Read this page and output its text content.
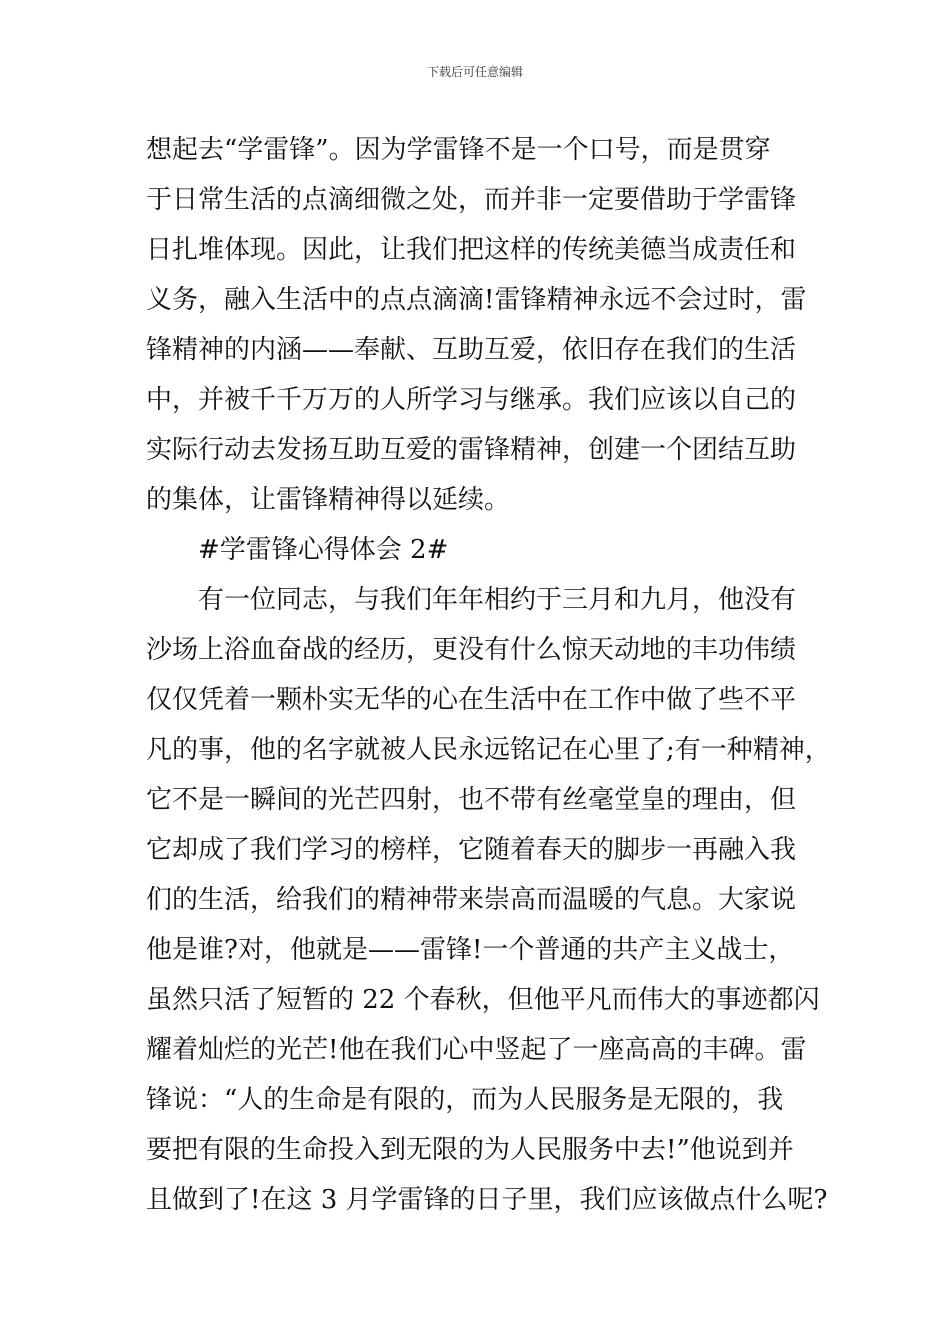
下载后可任意编辑
想起去“学雷锋”。因为学雷锋不是一个口号，而是贯穿
于日常生活的点滴细微之处，而并非一定要借助于学雷锋
日扎堆体现。因此，让我们把这样的传统美德当成责任和
义务，融入生活中的点点滴滴!雷锋精神永远不会过时，雷
锋精神的内涵——奉献、互助互爱，依旧存在我们的生活
中，并被千千万万的人所学习与继承。我们应该以自己的
实际行动去发扬互助互爱的雷锋精神，创建一个团结互助
的集体，让雷锋精神得以延续。
#学雷锋心得体会 2#
有一位同志，与我们年年相约于三月和九月，他没有
沙场上浴血奋战的经历，更没有什么惊天动地的丰功伟绩
仅仅凭着一颗朴实无华的心在生活中在工作中做了些不平
凡的事，他的名字就被人民永远铭记在心里了;有一种精神，
它不是一瞬间的光芒四射，也不带有丝毫堂皇的理由，但
它却成了我们学习的榜样，它随着春天的脚步一再融入我
们的生活，给我们的精神带来崇高而温暖的气息。大家说
他是谁?对，他就是——雷锋!一个普通的共产主义战士，
虽然只活了短暂的 22 个春秋，但他平凡而伟大的事迹都闪
耀着灿烂的光芒!他在我们心中竖起了一座高高的丰碑。雷
锋说：“人的生命是有限的，而为人民服务是无限的，我
要把有限的生命投入到无限的为人民服务中去!”他说到并
且做到了!在这 3 月学雷锋的日子里，我们应该做点什么呢?
